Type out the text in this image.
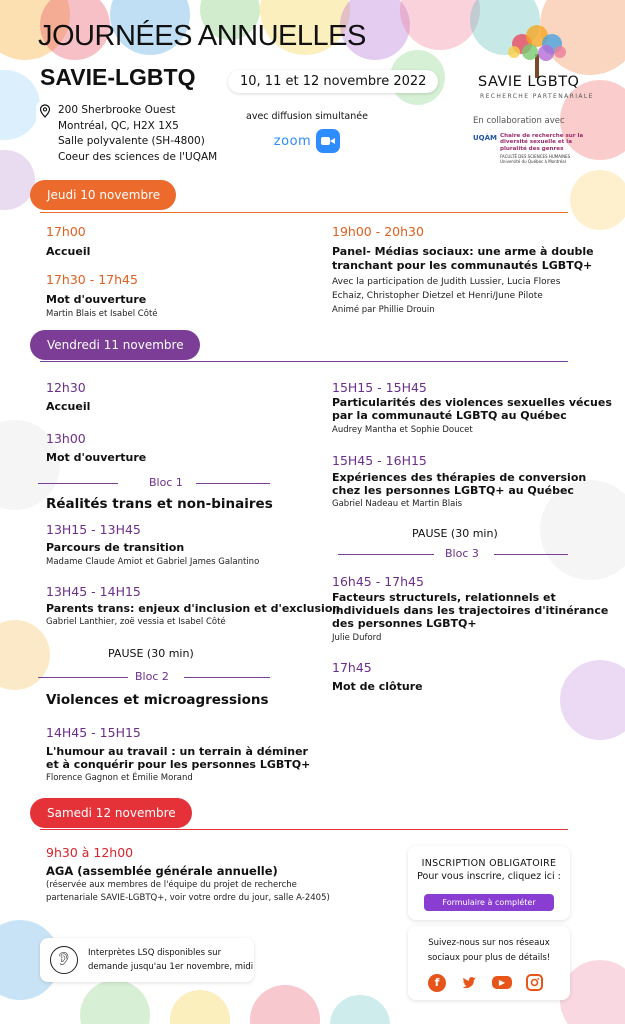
JOURNÉES ANNUELLES
SAVIE-LGBTQ	10, 11 et 12 novembre 2022
200 Sherbrooke Ouest
Montréal, QC, H2X 1X5
Salle polyvalente (SH-4800)
Coeur des sciences de l'UQAM
avec diffusion simultanée
zoom
SAVIE LGBTQ
RECHERCHE PARTENARIALE
En collaboration avec
UQÀM Chaire de recherche sur la diversité sexuelle et la pluralité des genres
FACULTÉ DES SCIENCES HUMAINES Université du Québec à Montréal
Jeudi 10 novembre
17h00
Accueil
17h30 - 17h45
Mot d'ouverture
Martin Blais et Isabel Côté
19h00 - 20h30
Panel- Médias sociaux: une arme à double
tranchant pour les communautés LGBTQ+
Avec la participation de Judith Lussier, Lucia Flores
Echaiz, Christopher Dietzel et Henri/June Pilote
Animé par Phillie Drouin
Vendredi 11 novembre
12h30
Accueil
13h00
Mot d'ouverture
Bloc 1
Réalités trans et non-binaires
13H15 - 13H45
Parcours de transition
Madame Claude Amiot et Gabriel James Galantino
13H45 - 14H15
Parents trans: enjeux d'inclusion et d'exclusion
Gabriel Lanthier, zoë vessia et Isabel Côté
PAUSE (30 min)
Bloc 2
Violences et microagressions
14H45 - 15H15
L'humour au travail : un terrain à déminer
et à conquérir pour les personnes LGBTQ+
Florence Gagnon et Émilie Morand
15H15 - 15H45
Particularités des violences sexuelles vécues
par la communauté LGBTQ au Québec
Audrey Mantha et Sophie Doucet
15H45 - 16H15
Expériences des thérapies de conversion
chez les personnes LGBTQ+ au Québec
Gabriel Nadeau et Martin Blais
PAUSE (30 min)
Bloc 3
16h45 - 17h45
Facteurs structurels, relationnels et
individuels dans les trajectoires d'itinérance
des personnes LGBTQ+
Julie Duford
17h45
Mot de clôture
Samedi 12 novembre
9h30 à 12h00
AGA (assemblée générale annuelle)
(réservée aux membres de l'équipe du projet de recherche
partenariale SAVIE-LGBTQ+, voir votre ordre du jour, salle A-2405)
INSCRIPTION OBLIGATOIRE
Pour vous inscrire, cliquez ici :
Formulaire à compléter
Suivez-nous sur nos réseaux
sociaux pour plus de détails!
f	▶
👂︎	Interprètes LSQ disponibles sur
demande jusqu'au 1er novembre, midi
